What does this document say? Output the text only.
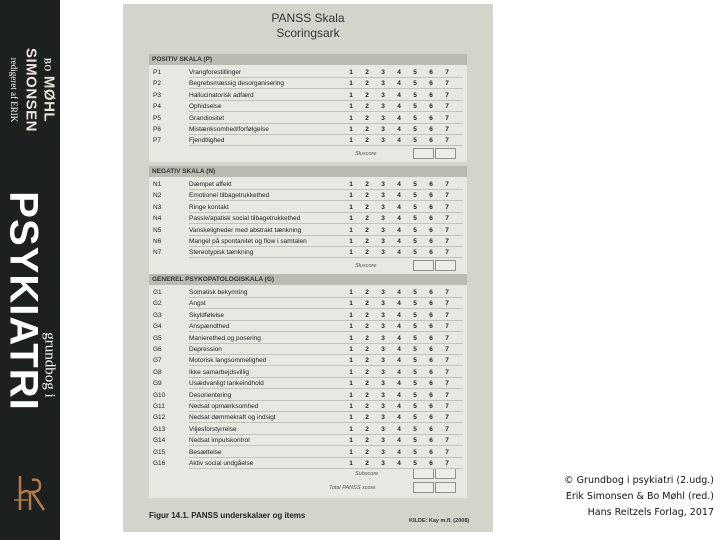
redigeret af ERIK SIMONSEN BOMØHL
PSYKIATRI
grundbog i
PANSS Skala
Scoringsark
POSITIV SKALA (P)
Sluscore
P1	Vrangforestillinger	1	2	3	4	5	6	7
P2	Begrebsmæssig desorganisering	1	2	3	4	5	6	7
P3	Hallucinatorisk adfærd	1	2	3	4	5	6	7
P4	Ophidselse	1	2	3	4	5	6	7
P5	Grandiositet	1	2	3	4	5	6	7
P6	Mistænksomhed/forfølgelse	1	2	3	4	5	6	7
P7	Fjendtlighed	1	2	3	4	5	6	7
NEGATIV SKALA (N)
Sluscore
N1	Dæmpet affekt	1	2	3	4	5	6	7
N2	Emotionel tilbagetrukkethed	1	2	3	4	5	6	7
N3	Ringe kontakt	1	2	3	4	5	6	7
N4	Passiv/apatisk social tilbagetrukkethed	1	2	3	4	5	6	7
N5	Vanskeligheder med abstrakt tænkning	1	2	3	4	5	6	7
N6	Mangel på spontanitet og flow i samtalen	1	2	3	4	5	6	7
N7	Stereotypisk tænkning	1	2	3	4	5	6	7
GENEREL PSYKOPATOLOGISKALA (G)
Subscore
Total PANSS score
G1	Somatisk bekymring	1	2	3	4	5	6	7
G2	Angst	1	2	3	4	5	6	7
G3	Skyldfølelse	1	2	3	4	5	6	7
G4	Anspændthed	1	2	3	4	5	6	7
G5	Manierethed og posering	1	2	3	4	5	6	7
G6	Depression	1	2	3	4	5	6	7
G7	Motorisk langsommelighed	1	2	3	4	5	6	7
G8	Ikke samarbejdsvillig	1	2	3	4	5	6	7
G9	Usædvanligt tankeindhold	1	2	3	4	5	6	7
G10	Desorientering	1	2	3	4	5	6	7
G11	Nedsat opmærksomhed	1	2	3	4	5	6	7
G12	Nedsat dømmekraft og indsigt	1	2	3	4	5	6	7
G13	Viljesforstyrrelse	1	2	3	4	5	6	7
G14	Nedsat impulskontrol	1	2	3	4	5	6	7
G15	Besættelse	1	2	3	4	5	6	7
G16	Aktiv social undgåelse	1	2	3	4	5	6	7
Figur 14.1. PANSS underskalaer og items
KILDE: Kay m.fl. (2008)
© Grundbog i psykiatri (2.udg.)
Erik Simonsen & Bo Møhl (red.)
Hans Reitzels Forlag, 2017
